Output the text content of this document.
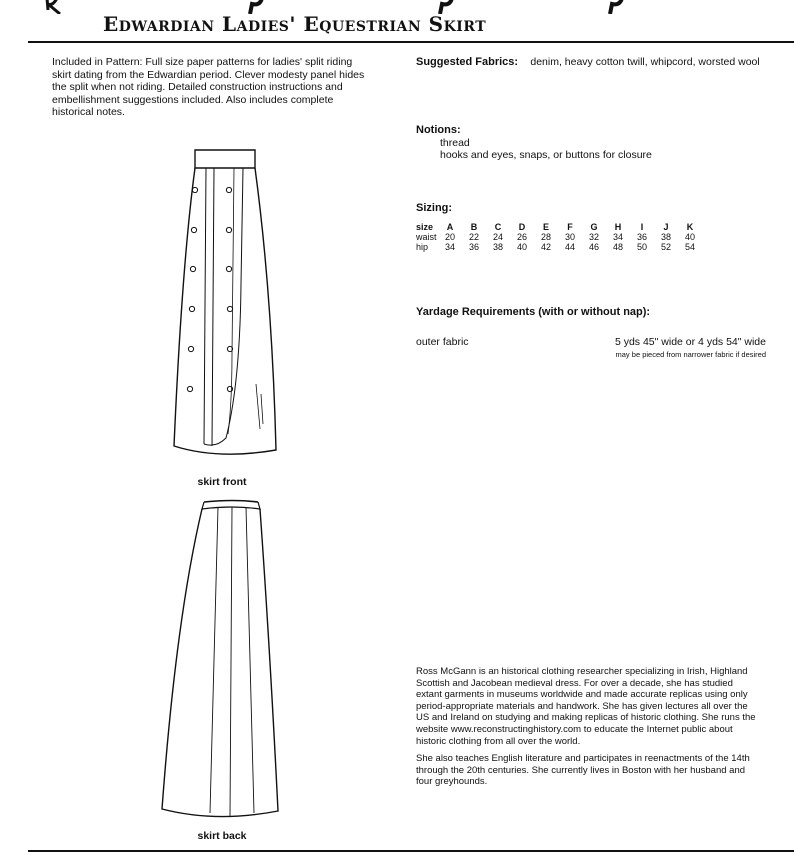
Edwardian Ladies' Equestrian Skirt

Included in Pattern: Full size paper patterns for ladies' split riding skirt dating from the Edwardian period. Clever modesty panel hides the split when not riding. Detailed construction instructions and embellishment suggestions included. Also includes complete historical notes.

skirt front
skirt back

Suggested Fabrics:	denim, heavy cotton twill, whipcord, worsted wool

Notions:

thread
hooks and eyes, snaps, or buttons for closure

Sizing:

size	A	B	C	D	E	F	G	H	I	J	K
waist	20	22	24	26	28	30	32	34	36	38	40
hip	34	36	38	40	42	44	46	48	50	52	54

Yardage Requirements (with or without nap):

outer fabric	5 yds 45" wide or 4 yds 54" wide
may be pieced from narrower fabric if desired

Ross McGann is an historical clothing researcher specializing in Irish, Highland Scottish and Jacobean medieval dress. For over a decade, she has studied extant garments in museums worldwide and made accurate replicas using only period-appropriate materials and handwork. She has given lectures all over the US and Ireland on studying and making replicas of historic clothing. She runs the website www.reconstructinghistory.com to educate the Internet public about historic clothing from all over the world.

She also teaches English literature and participates in reenactments of the 14th through the 20th centuries. She currently lives in Boston with her husband and four greyhounds.
